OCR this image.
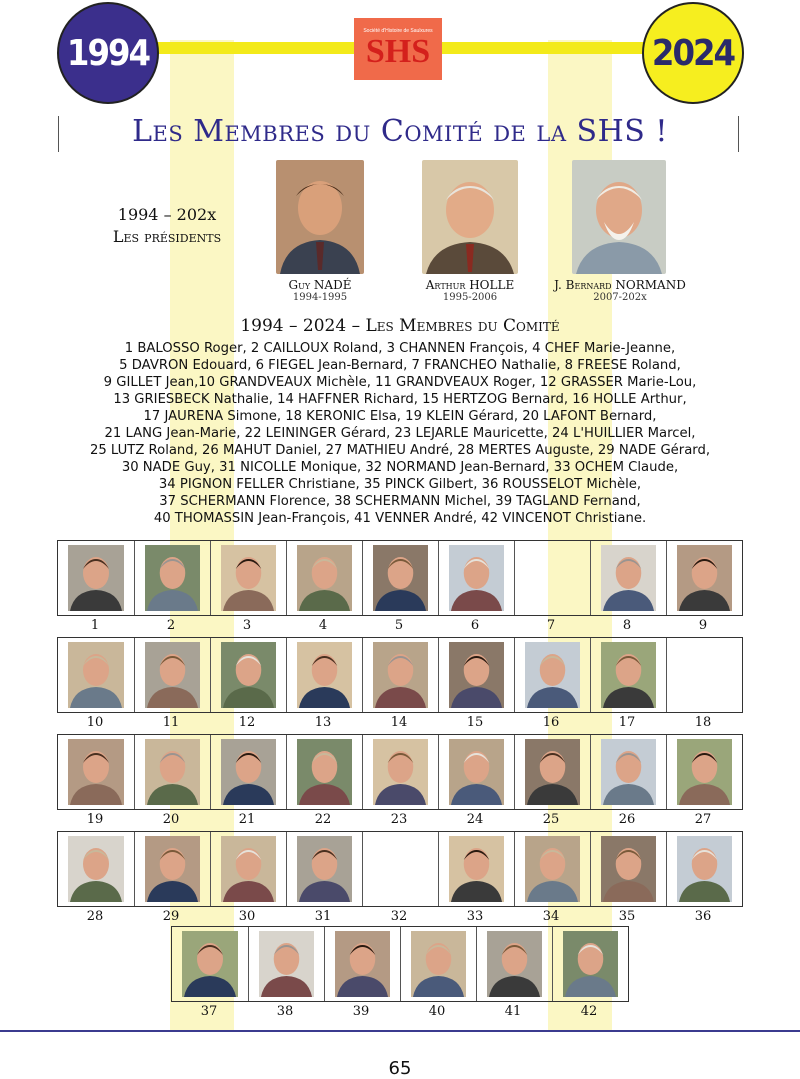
1994	2024
Société d'Histoire de Saulxures
SHS
Les Membres du Comité de la SHS !
1994 – 202x
Les présidents
Guy NADÉ
1994-1995
Arthur HOLLE
1995-2006
J. Bernard NORMAND
2007-202x
1994 – 2024 – Les Membres du Comité
1 BALOSSO Roger, 2 CAILLOUX Roland, 3 CHANNEN François, 4 CHEF Marie-Jeanne,
5 DAVRON Edouard, 6 FIEGEL Jean-Bernard, 7 FRANCHEO Nathalie, 8 FREESE Roland,
9 GILLET Jean,10 GRANDVEAUX Michèle, 11 GRANDVEAUX Roger, 12 GRASSER Marie-Lou,
13 GRIESBECK Nathalie, 14 HAFFNER Richard, 15 HERTZOG Bernard, 16 HOLLE Arthur,
17 JAURENA Simone, 18 KERONIC Elsa, 19 KLEIN Gérard, 20 LAFONT Bernard,
21 LANG Jean-Marie, 22 LEININGER Gérard, 23 LEJARLE Mauricette, 24 L'HUILLIER Marcel,
25 LUTZ Roland, 26 MAHUT Daniel, 27 MATHIEU André, 28 MERTES Auguste, 29 NADE Gérard,
30 NADE Guy, 31 NICOLLE Monique, 32 NORMAND Jean-Bernard, 33 OCHEM Claude,
34 PIGNON FELLER Christiane, 35 PINCK Gilbert, 36 ROUSSELOT Michèle,
37 SCHERMANN Florence, 38 SCHERMANN Michel, 39 TAGLAND Fernand,
40 THOMASSIN Jean-François, 41 VENNER André, 42 VINCENOT Christiane.
1	2	3	4	5	6	7	8	9
10	11	12	13	14	15	16	17	18
19	20	21	22	23	24	25	26	27
28	29	30	31	32	33	34	35	36
37	38	39	40	41	42
65
